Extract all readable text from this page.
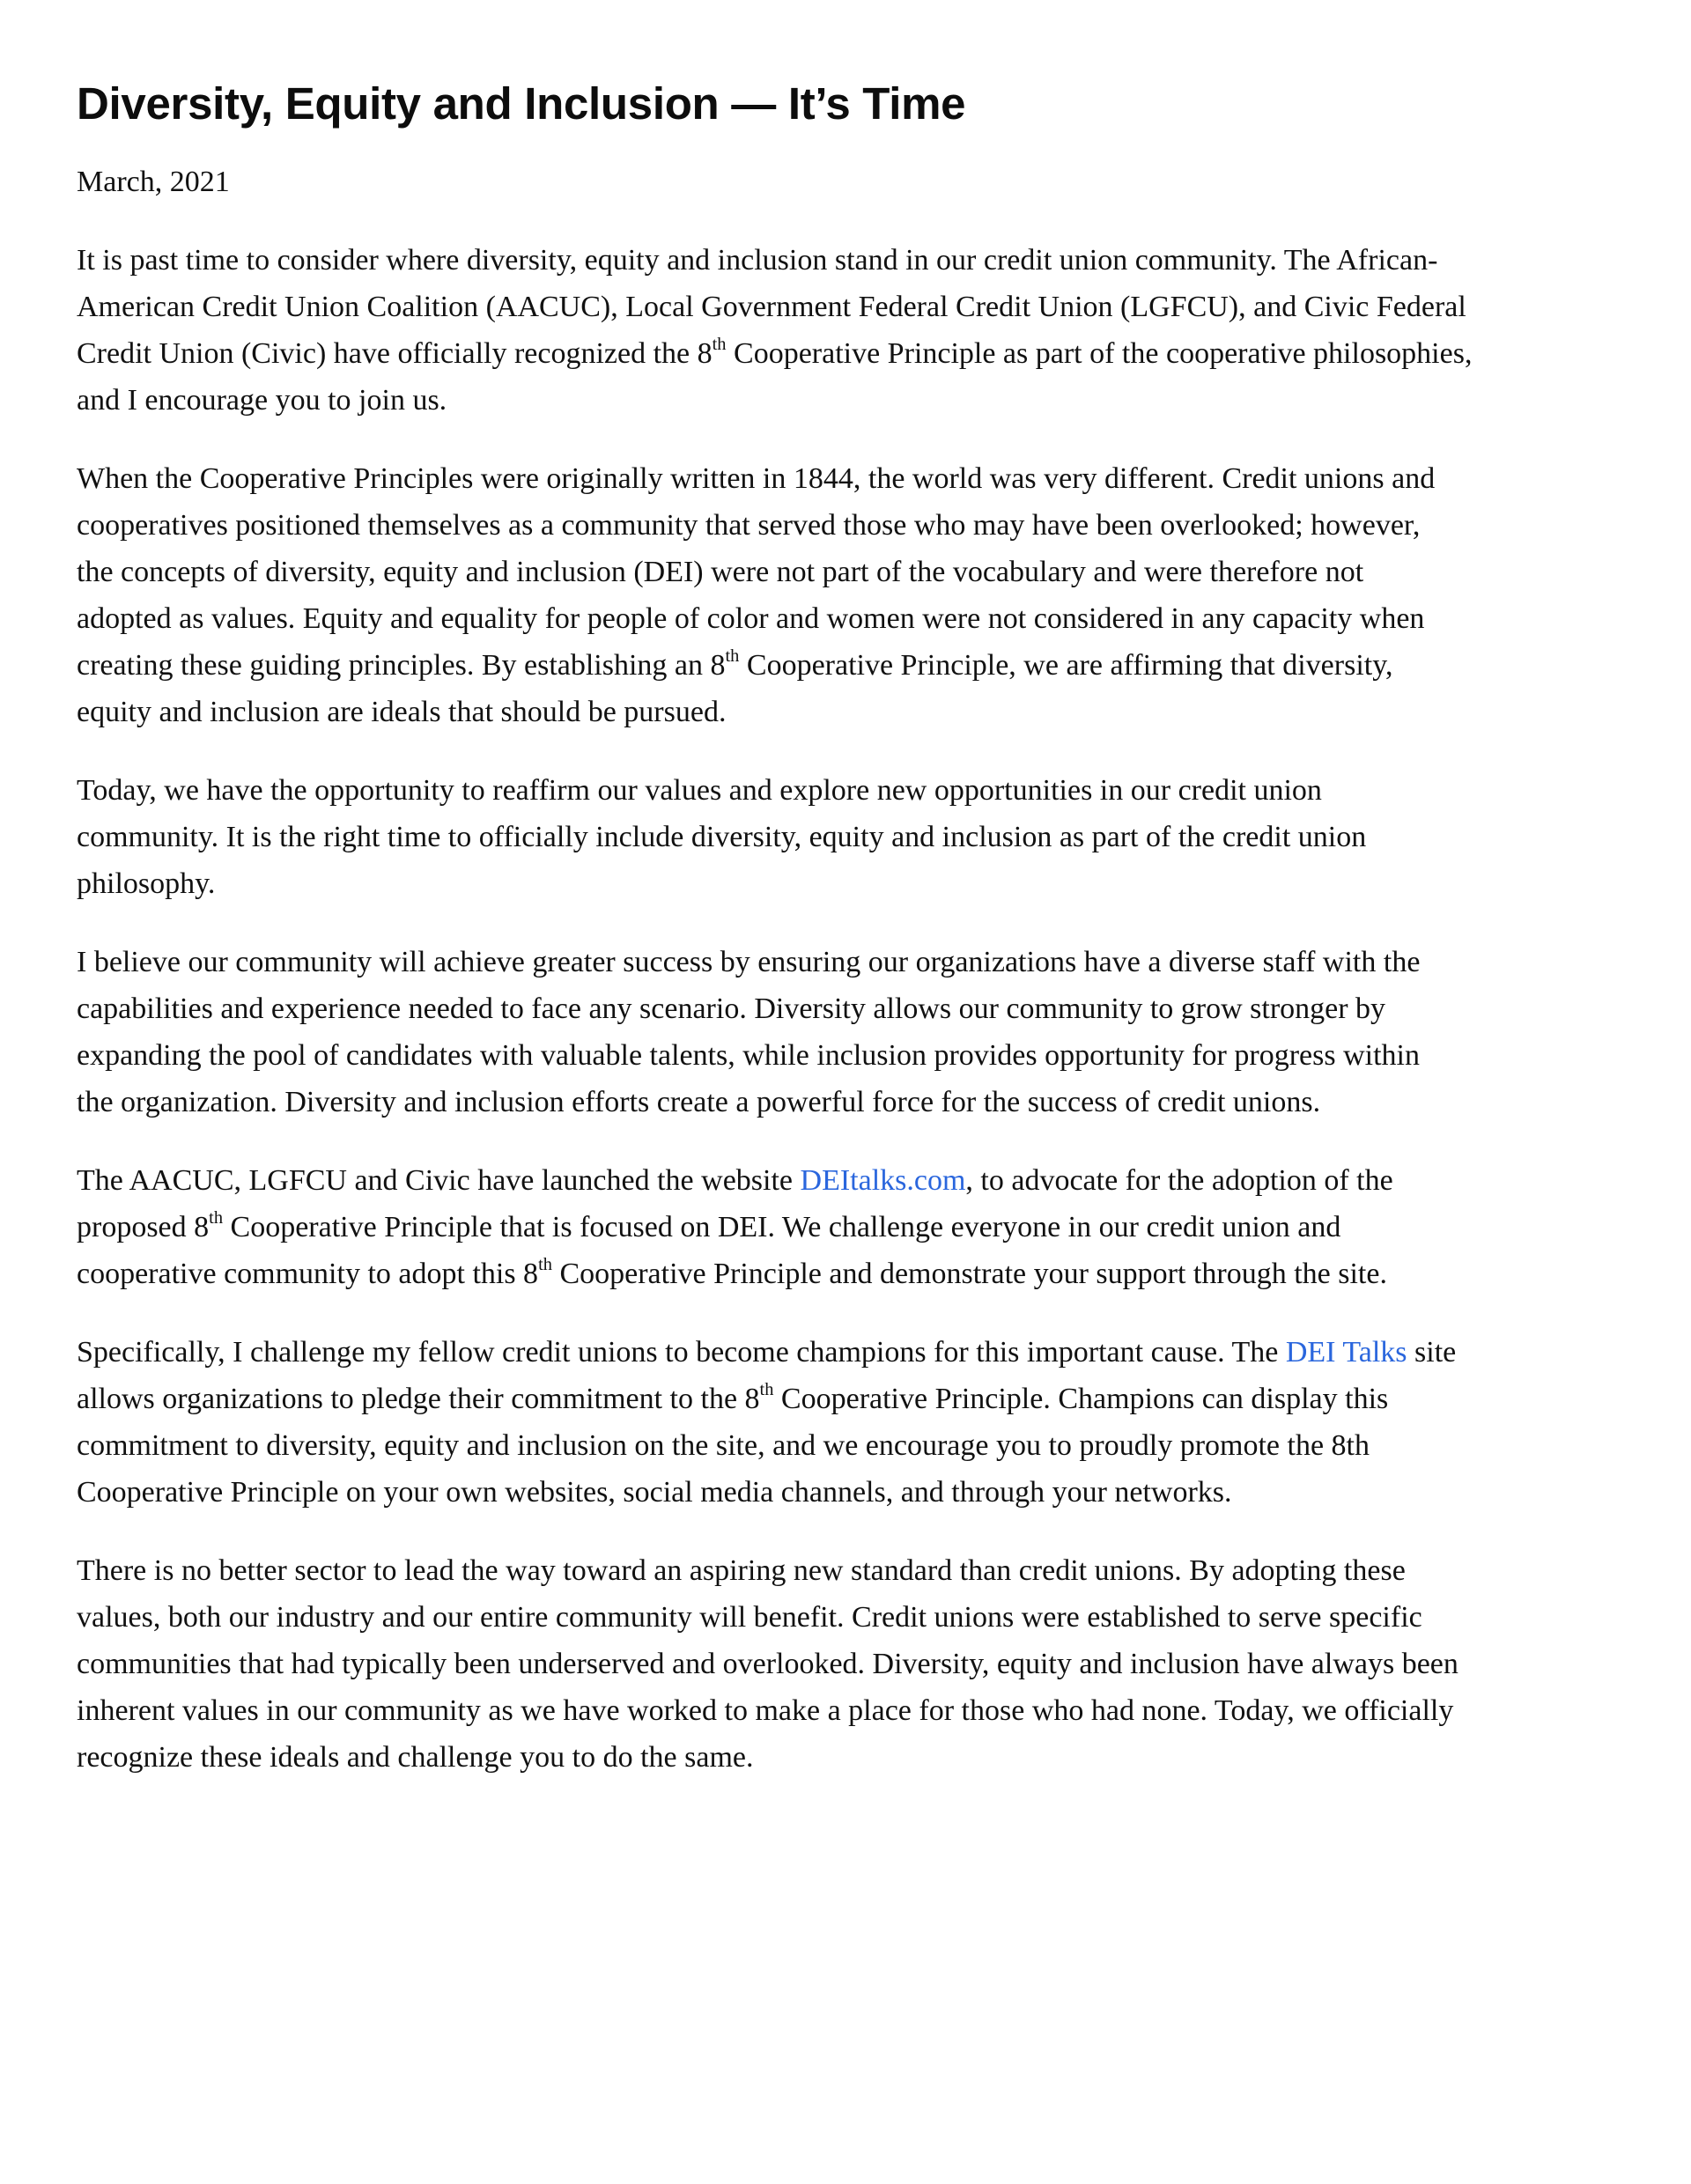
Diversity, Equity and Inclusion — It’s Time

March, 2021

It is past time to consider where diversity, equity and inclusion stand in our credit union community. The African-
American Credit Union Coalition (AACUC), Local Government Federal Credit Union (LGFCU), and Civic Federal
Credit Union (Civic) have officially recognized the 8th Cooperative Principle as part of the cooperative philosophies,
and I encourage you to join us.

When the Cooperative Principles were originally written in 1844, the world was very different. Credit unions and
cooperatives positioned themselves as a community that served those who may have been overlooked; however,
the concepts of diversity, equity and inclusion (DEI) were not part of the vocabulary and were therefore not
adopted as values. Equity and equality for people of color and women were not considered in any capacity when
creating these guiding principles. By establishing an 8th Cooperative Principle, we are affirming that diversity,
equity and inclusion are ideals that should be pursued.

Today, we have the opportunity to reaffirm our values and explore new opportunities in our credit union
community. It is the right time to officially include diversity, equity and inclusion as part of the credit union
philosophy.

I believe our community will achieve greater success by ensuring our organizations have a diverse staff with the
capabilities and experience needed to face any scenario. Diversity allows our community to grow stronger by
expanding the pool of candidates with valuable talents, while inclusion provides opportunity for progress within
the organization. Diversity and inclusion efforts create a powerful force for the success of credit unions.

The AACUC, LGFCU and Civic have launched the website DEItalks.com, to advocate for the adoption of the
proposed 8th Cooperative Principle that is focused on DEI. We challenge everyone in our credit union and
cooperative community to adopt this 8th Cooperative Principle and demonstrate your support through the site.

Specifically, I challenge my fellow credit unions to become champions for this important cause. The DEI Talks site
allows organizations to pledge their commitment to the 8th Cooperative Principle. Champions can display this
commitment to diversity, equity and inclusion on the site, and we encourage you to proudly promote the 8th
Cooperative Principle on your own websites, social media channels, and through your networks.

There is no better sector to lead the way toward an aspiring new standard than credit unions. By adopting these
values, both our industry and our entire community will benefit. Credit unions were established to serve specific
communities that had typically been underserved and overlooked. Diversity, equity and inclusion have always been
inherent values in our community as we have worked to make a place for those who had none. Today, we officially
recognize these ideals and challenge you to do the same.
